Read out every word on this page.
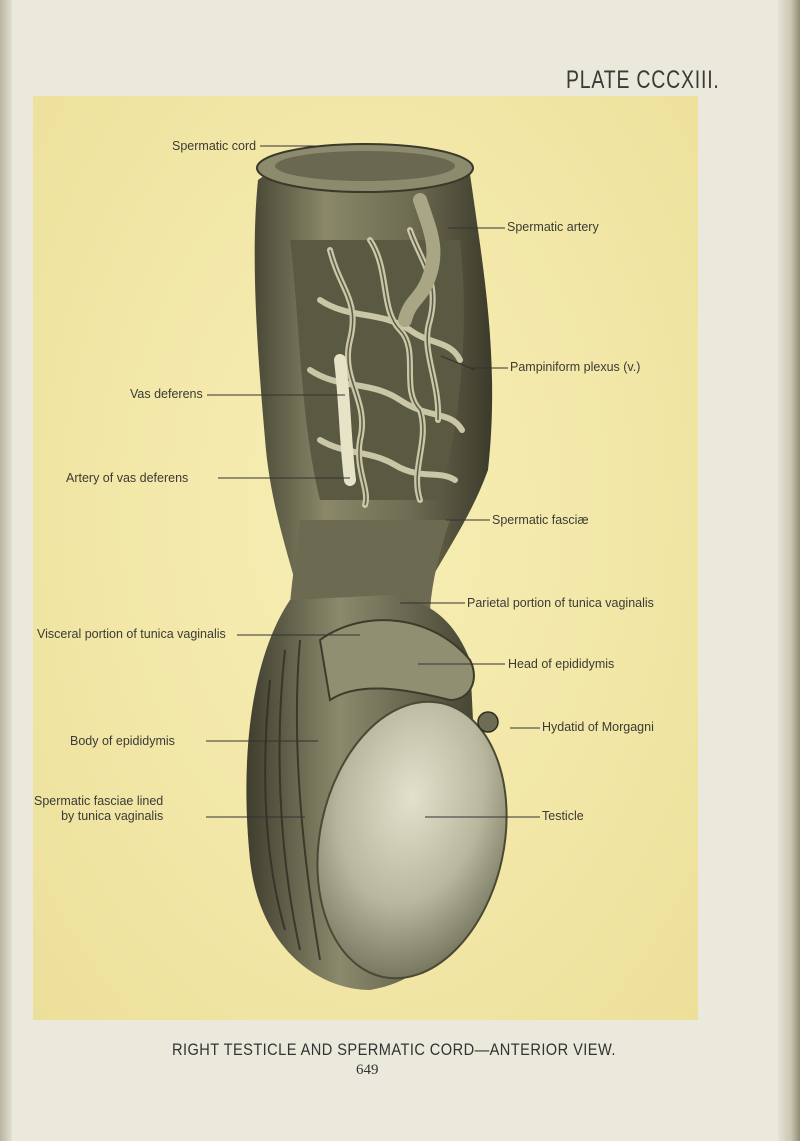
PLATE CCCXIII.
Spermatic cord
Spermatic artery
Pampiniform plexus (v.)
Vas deferens
Artery of vas deferens
Spermatic fasciæ
Parietal portion of tunica vaginalis
Visceral portion of tunica vaginalis
Head of epididymis
Hydatid of Morgagni
Body of epididymis
Spermatic fasciae lined
by tunica vaginalis	Testicle
RIGHT TESTICLE AND SPERMATIC CORD—ANTERIOR VIEW.
649
